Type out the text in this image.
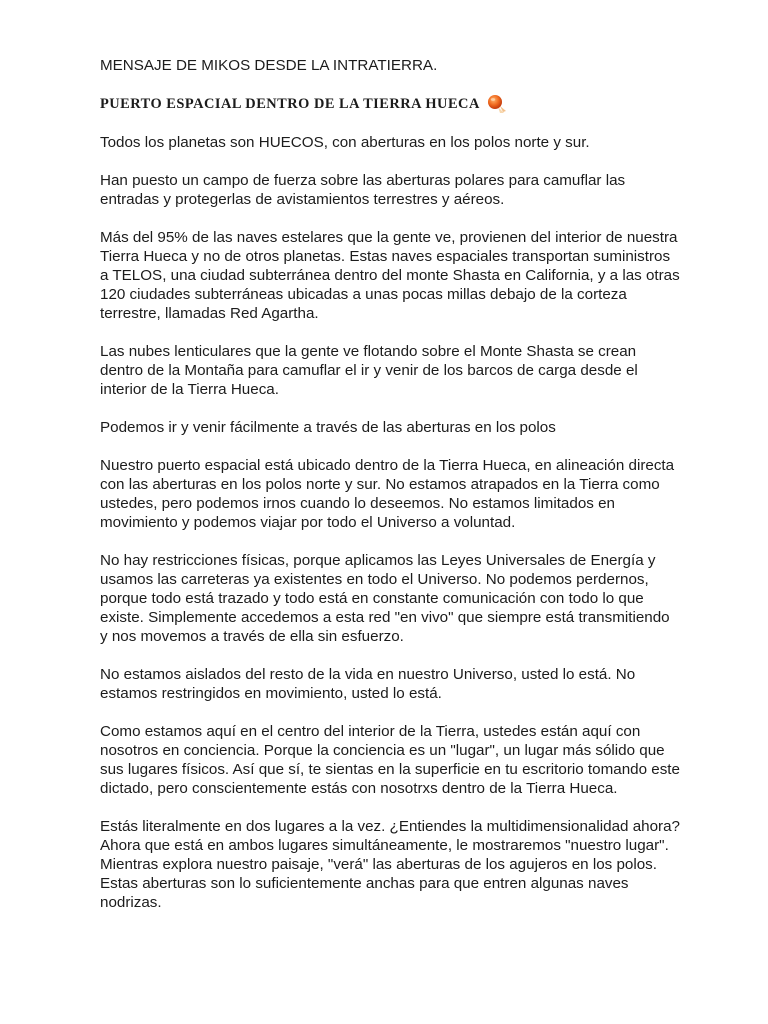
MENSAJE DE MIKOS DESDE LA INTRATIERRA.

PUERTO ESPACIAL DENTRO DE LA TIERRA HUECA

Todos los planetas son HUECOS, con aberturas en los polos norte y sur.

Han puesto un campo de fuerza sobre las aberturas polares para camuflar las entradas y protegerlas de avistamientos terrestres y aéreos.

Más del 95% de las naves estelares que la gente ve, provienen del interior de nuestra Tierra Hueca y no de otros planetas. Estas naves espaciales transportan suministros a TELOS, una ciudad subterránea dentro del monte Shasta en California, y a las otras 120 ciudades subterráneas ubicadas a unas pocas millas debajo de la corteza terrestre, llamadas Red Agartha.

Las nubes lenticulares que la gente ve flotando sobre el Monte Shasta se crean dentro de la Montaña para camuflar el ir y venir de los barcos de carga desde el interior de la Tierra Hueca.

Podemos ir y venir fácilmente a través de las aberturas en los polos

Nuestro puerto espacial está ubicado dentro de la Tierra Hueca, en alineación directa con las aberturas en los polos norte y sur. No estamos atrapados en la Tierra como ustedes, pero podemos irnos cuando lo deseemos. No estamos limitados en movimiento y podemos viajar por todo el Universo a voluntad.

No hay restricciones físicas, porque aplicamos las Leyes Universales de Energía y usamos las carreteras ya existentes en todo el Universo. No podemos perdernos, porque todo está trazado y todo está en constante comunicación con todo lo que existe. Simplemente accedemos a esta red "en vivo" que siempre está transmitiendo y nos movemos a través de ella sin esfuerzo.

No estamos aislados del resto de la vida en nuestro Universo, usted lo está. No estamos restringidos en movimiento, usted lo está.

Como estamos aquí en el centro del interior de la Tierra, ustedes están aquí con nosotros en conciencia. Porque la conciencia es un "lugar", un lugar más sólido que sus lugares físicos. Así que sí, te sientas en la superficie en tu escritorio tomando este dictado, pero conscientemente estás con nosotrxs dentro de la Tierra Hueca.

Estás literalmente en dos lugares a la vez. ¿Entiendes la multidimensionalidad ahora? Ahora que está en ambos lugares simultáneamente, le mostraremos "nuestro lugar". Mientras explora nuestro paisaje, "verá" las aberturas de los agujeros en los polos. Estas aberturas son lo suficientemente anchas para que entren algunas naves nodrizas.
